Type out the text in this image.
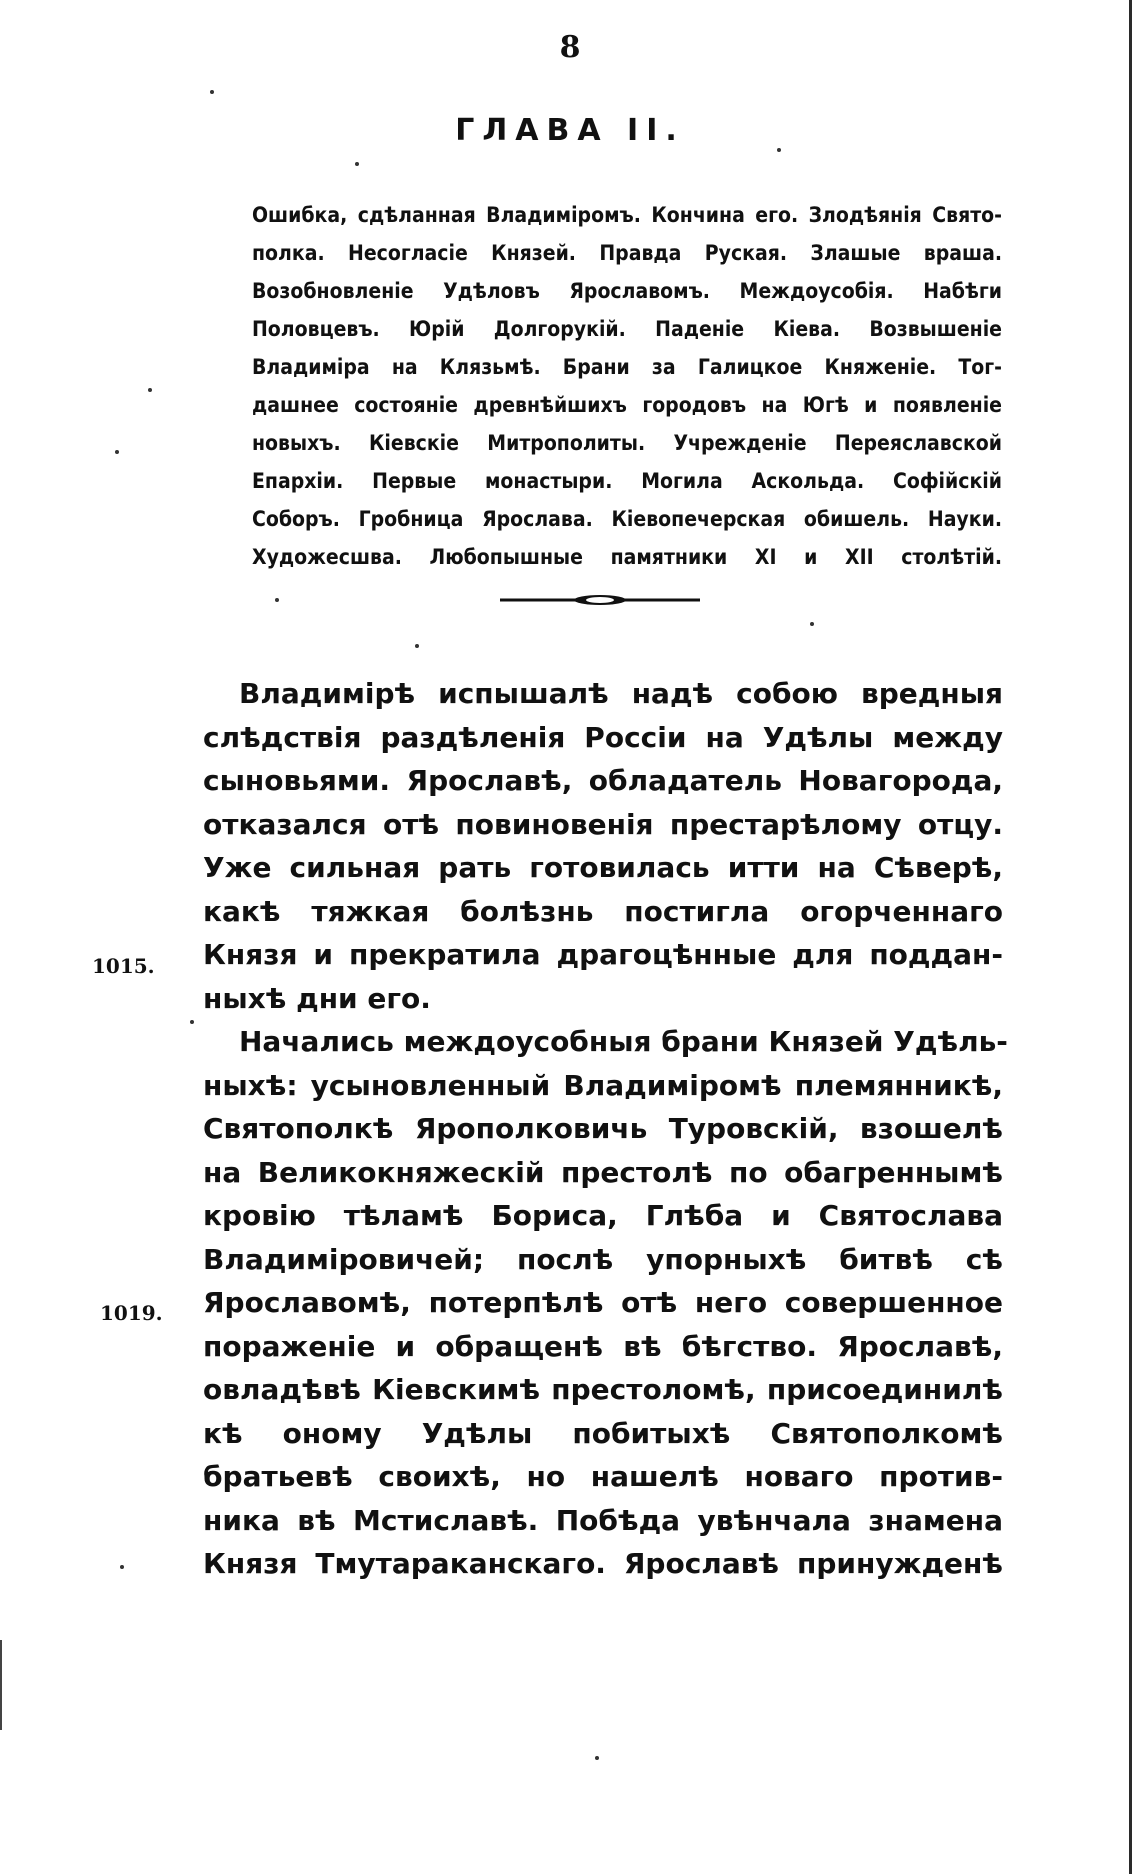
8
ГЛАВА II.
Ошибка, сдѣланная Владиміромъ. Кончина его. Злодѣянія Свято-
полка. Несогласіе Князей. Правда Руская. Злашые враша.
Возобновленіе Удѣловъ Ярославомъ. Междоусобія. Набѣги
Половцевъ. Юрій Долгорукій. Паденіе Кіева. Возвышеніе
Владиміра на Клязьмѣ. Брани за Галицкое Княженіе. Тог-
дашнее состояніе древнѣйшихъ городовъ на Югѣ и появленіе
новыхъ. Кіевскіе Митрополиты. Учрежденіе Переяславской
Епархіи. Первые монастыри. Могила Аскольда. Софійскій
Соборъ. Гробница Ярослава. Кіевопечерская обишель. Науки.
Художесшва. Любопышные памятники XI и XII столѣтій.
Владимірѣ испышалѣ надѣ собою вредныя
слѣдствія раздѣленія Россіи на Удѣлы между
сыновьями. Ярославѣ, обладатель Новагорода,
отказался отѣ повиновенія престарѣлому отцу.
Уже сильная рать готовилась итти на Сѣверѣ,
какѣ тяжкая болѣзнь постигла огорченнаго
Князя и прекратила драгоцѣнные для поддан-
ныхѣ дни его.
Начались междоусобныя брани Князей Удѣль-
ныхѣ: усыновленный Владиміромѣ племянникѣ,
Святополкѣ Ярополковичь Туровскій, взошелѣ
на Великокняжескій престолѣ по обагреннымѣ
кровію тѣламѣ Бориса, Глѣба и Святослава
Владиміровичей; послѣ упорныхѣ битвѣ сѣ
Ярославомѣ, потерпѣлѣ отѣ него совершенное
пораженіе и обращенѣ вѣ бѣгство. Ярославѣ,
овладѣвѣ Кіевскимѣ престоломѣ, присоединилѣ
кѣ оному Удѣлы побитыхѣ Святополкомѣ
братьевѣ своихѣ, но нашелѣ новаго против-
ника вѣ Мстиславѣ. Побѣда увѣнчала знамена
Князя Тмутараканскаго. Ярославѣ принужденѣ
1015.
1019.
